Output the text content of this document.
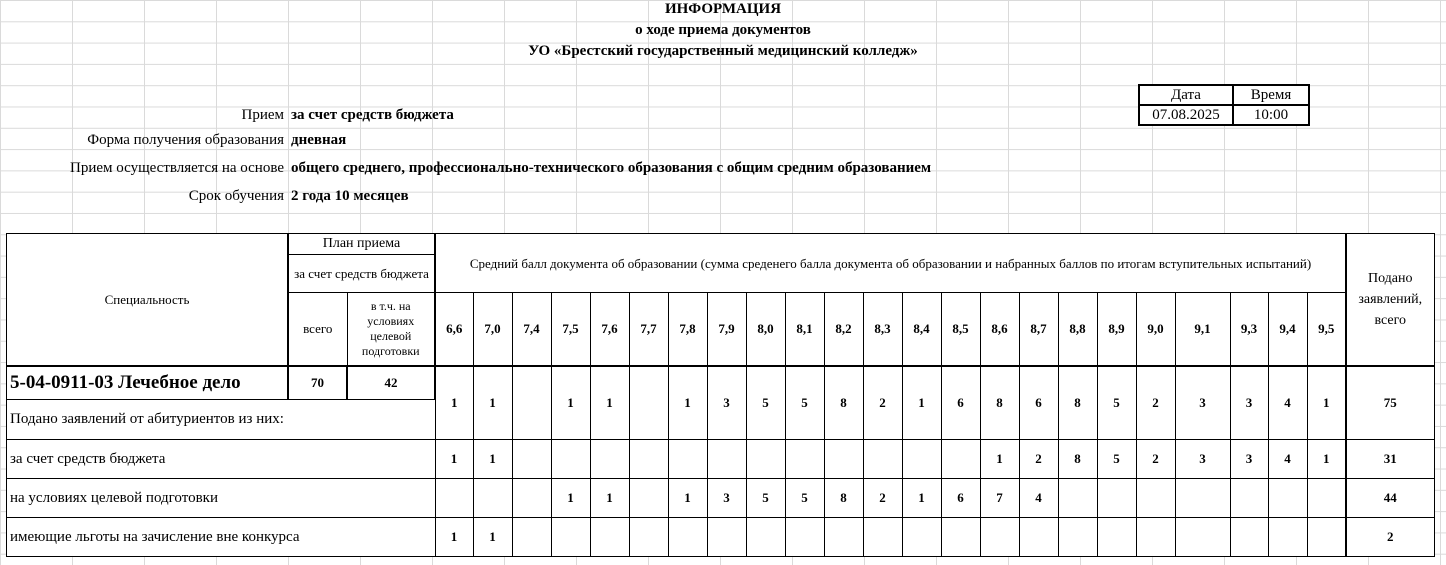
ИНФОРМАЦИЯ
о ходе приема документов
УО «Брестский государственный медицинский колледж»
Дата	Время
07.08.2025	10:00
Прием за счет средств бюджета
Форма получения образования дневная
Прием осуществляется на основе общего среднего, профессионально-технического образования с общим средним образованием
Срок обучения 2 года 10 месяцев
Специальность	План приема		Средний балл документа об образовании (сумма среденего балла документа об образовании и набранных баллов по итогам вступительных испытаний)																							Подано заявлений, всего
	за счет средств бюджета																									
	всего	в т.ч. на условиях целевой подготовки	6,6	7,0	7,4	7,5	7,6	7,7	7,8	7,9	8,0	8,1	8,2	8,3	8,4	8,5	8,6	8,7	8,8	8,9	9,0	9,1	9,3	9,4	9,5	
5-04-0911-03 Лечебное дело	70	42	1	1		1	1		1	3	5	5	8	2	1	6	8	6	8	5	2	3	3	4	1	75
Подано заявлений от абитуриентов из них:																										
за счет средств бюджета			1	1													1	2	8	5	2	3	3	4	1	31
на условиях целевой подготовки						1	1		1	3	5	5	8	2	1	6	7	4								44
имеющие льготы на зачисление вне конкурса			1	1																						2
